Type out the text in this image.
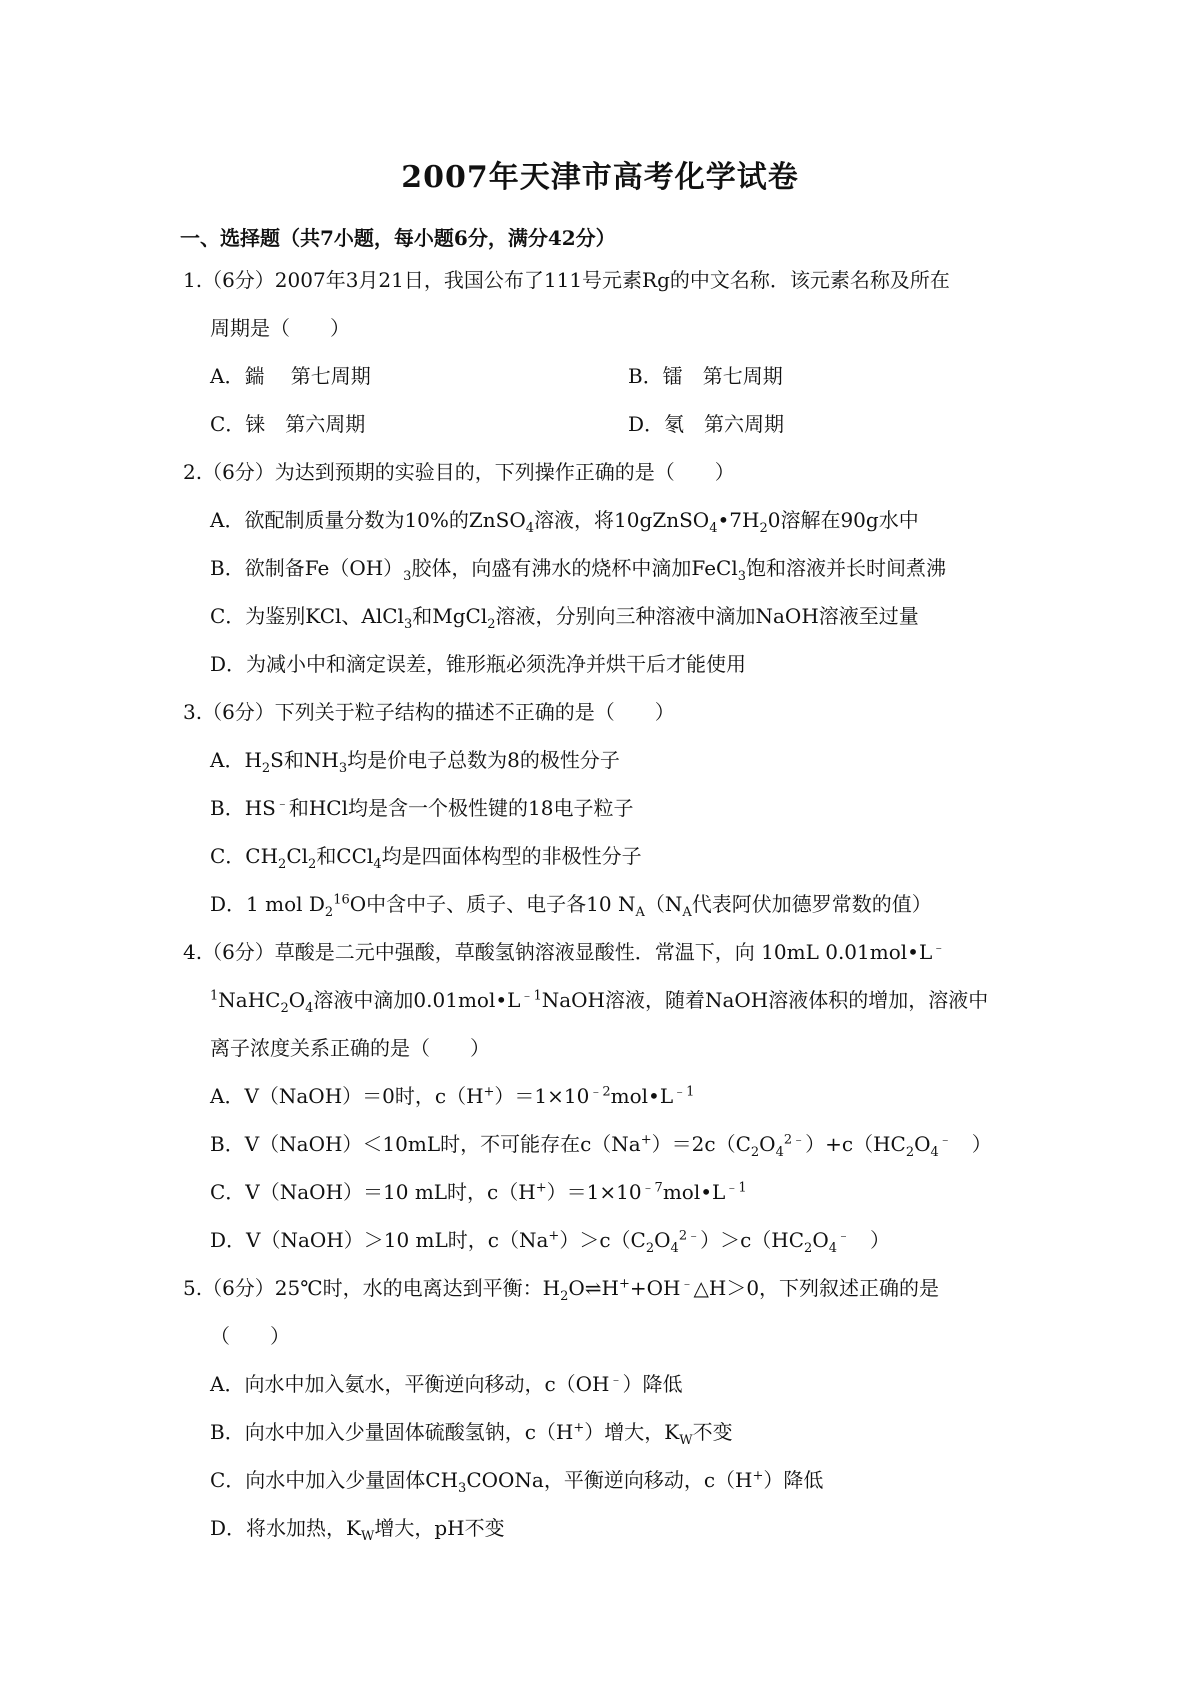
2007年天津市高考化学试卷
一、选择题（共7小题，每小题6分，满分42分）
1.（6分）2007年3月21日，我国公布了111号元素Rg的中文名称．该元素名称及所在
周期是（　　）
A．鍴　 第七周期	B．镭　第七周期
C．铼　第六周期	D．氡　第六周期
2.（6分）为达到预期的实验目的，下列操作正确的是（　　）
A．欲配制质量分数为10%的ZnSO$_4$溶液，将$10gZnSO_4•7H_20$溶解在90g水中
B．欲制备$Fe(OH)_3$胶体，向盛有沸水的烧杯中滴加FeCl$_3$饱和溶液并长时间煮沸
C．为鉴别KCl、AlCl$_3$和MgCl$_2$溶液，分别向三种溶液中滴加NaOH溶液至过量
D．为减小中和滴定误差，锥形瓶必须洗净并烘干后才能使用
3.（6分）下列关于粒子结构的描述不正确的是（　　）
A．$H_2S$和$NH_3$均是价电子总数为8的极性分子
B．HS﹣和HCl均是含一个极性键的18电子粒子
C．$CH_2Cl_2$和CCl$_4$均是四面体构型的非极性分子
D．1 mol $D_2^{16}O$中含中子、质子、电子各10 $N_A(N_A$代表阿伏加德罗常数的值）
4.（6分）草酸是二元中强酸，草酸氢钠溶液显酸性．常温下，向 10mL 0.01mol•L﹣
$^1NaHC_2O_4$溶液中滴加$0.01mol•L^{﹣1}NaOH$溶液，随着NaOH溶液体积的增加，溶液中
离子浓度关系正确的是（　　）
A．V（NaOH）＝0时，$c(H^+)=1\times 10^{﹣2}mol•L^{﹣1}$
B．V（NaOH）＜10mL时，不可能存在$c(Na^+)=2c(C_2O_4^{2﹣})+c(HC_2O_4^﹣$　）
C．V（NaOH）＝10 mL时，$c(H^+)=1\times 10^{﹣7}mol•L^{﹣1}$
D．V（NaOH）＞10 mL时，$c(Na^+)>c(C_2O_4^{2﹣})>c(HC_2O_4^﹣$　）
5.（6分）25℃时，水的电离达到平衡：$H_2O\rightleftharpoons H^++OH^﹣\triangle H>0$，下列叙述正确的是
（　　）
A．向水中加入氨水，平衡逆向移动，c（OH﹣）降低
B．向水中加入少量固体硫酸氢钠，c（H+）增大，$K_W$不变
C．向水中加入少量固体$CH_3COONa$，平衡逆向移动，c（H+）降低
D．将水加热，$K_W$增大，pH不变
